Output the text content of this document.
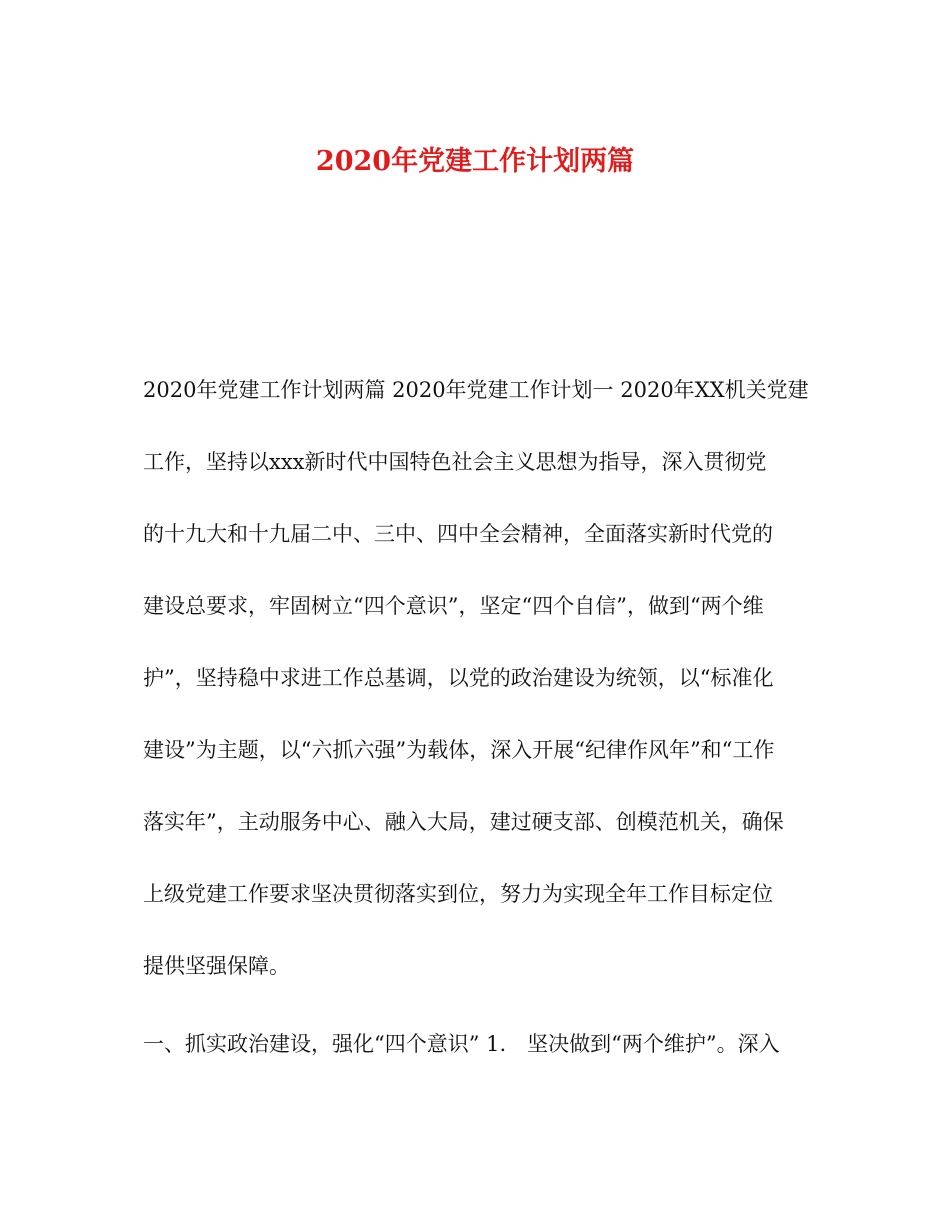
2020年党建工作计划两篇
2020年党建工作计划两篇 2020年党建工作计划一 2020年XX机关党建
工作，坚持以xxx新时代中国特色社会主义思想为指导，深入贯彻党
的十九大和十九届二中、三中、四中全会精神，全面落实新时代党的
建设总要求，牢固树立“四个意识”，坚定“四个自信”，做到“两个维
护”，坚持稳中求进工作总基调，以党的政治建设为统领，以“标准化
建设”为主题，以“六抓六强”为载体，深入开展“纪律作风年”和“工作
落实年”，主动服务中心、融入大局，建过硬支部、创模范机关，确保
上级党建工作要求坚决贯彻落实到位，努力为实现全年工作目标定位
提供坚强保障。
一、抓实政治建设，强化“四个意识” 1.　坚决做到“两个维护”。深入
